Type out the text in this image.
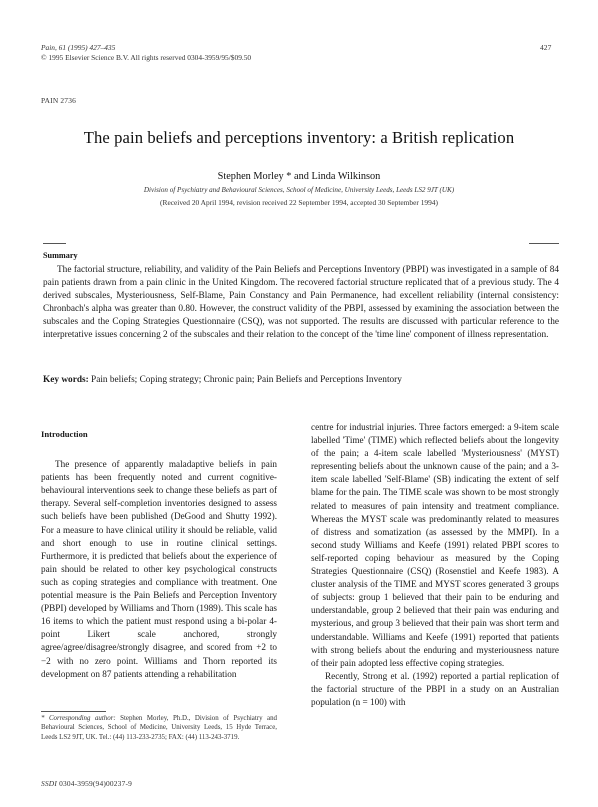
Pain, 61 (1995) 427–435
© 1995 Elsevier Science B.V. All rights reserved 0304-3959/95/$09.50
427
PAIN 2736
The pain beliefs and perceptions inventory: a British replication
Stephen Morley * and Linda Wilkinson
Division of Psychiatry and Behavioural Sciences, School of Medicine, University Leeds, Leeds LS2 9JT (UK)
(Received 20 April 1994, revision received 22 September 1994, accepted 30 September 1994)
Summary
The factorial structure, reliability, and validity of the Pain Beliefs and Perceptions Inventory (PBPI) was investigated in a sample of 84 pain patients drawn from a pain clinic in the United Kingdom. The recovered factorial structure replicated that of a previous study. The 4 derived subscales, Mysteriousness, Self-Blame, Pain Constancy and Pain Permanence, had excellent reliability (internal consistency: Chronbach's alpha was greater than 0.80. However, the construct validity of the PBPI, assessed by examining the association between the subscales and the Coping Strategies Questionnaire (CSQ), was not supported. The results are discussed with particular reference to the interpretative issues concerning 2 of the subscales and their relation to the concept of the 'time line' component of illness representation.
Key words: Pain beliefs; Coping strategy; Chronic pain; Pain Beliefs and Perceptions Inventory
Introduction

The presence of apparently maladaptive beliefs in pain patients has been frequently noted and current cognitive-behavioural interventions seek to change these beliefs as part of therapy. Several self-completion inventories designed to assess such beliefs have been published (DeGood and Shutty 1992). For a measure to have clinical utility it should be reliable, valid and short enough to use in routine clinical settings. Furthermore, it is predicted that beliefs about the experience of pain should be related to other key psychological constructs such as coping strategies and compliance with treatment. One potential measure is the Pain Beliefs and Perception Inventory (PBPI) developed by Williams and Thorn (1989). This scale has 16 items to which the patient must respond using a bi-polar 4-point Likert scale anchored, strongly agree/agree/disagree/strongly disagree, and scored from +2 to −2 with no zero point. Williams and Thorn reported its development on 87 patients attending a rehabilitation

centre for industrial injuries. Three factors emerged: a 9-item scale labelled 'Time' (TIME) which reflected beliefs about the longevity of the pain; a 4-item scale labelled 'Mysteriousness' (MYST) representing beliefs about the unknown cause of the pain; and a 3-item scale labelled 'Self-Blame' (SB) indicating the extent of self blame for the pain. The TIME scale was shown to be most strongly related to measures of pain intensity and treatment compliance. Whereas the MYST scale was predominantly related to measures of distress and somatization (as assessed by the MMPI). In a second study Williams and Keefe (1991) related PBPI scores to self-reported coping behaviour as measured by the Coping Strategies Questionnaire (CSQ) (Rosenstiel and Keefe 1983). A cluster analysis of the TIME and MYST scores generated 3 groups of subjects: group 1 believed that their pain to be enduring and understandable, group 2 believed that their pain was enduring and mysterious, and group 3 believed that their pain was short term and understandable. Williams and Keefe (1991) reported that patients with strong beliefs about the enduring and mysteriousness nature of their pain adopted less effective coping strategies.

Recently, Strong et al. (1992) reported a partial replication of the factorial structure of the PBPI in a study on an Australian population (n = 100) with

* Corresponding author: Stephen Morley, Ph.D., Division of Psychiatry and Behavioural Sciences, School of Medicine, University Leeds, 15 Hyde Terrace, Leeds LS2 9JT, UK. Tel.: (44) 113-233-2735; FAX: (44) 113-243-3719.
SSDI 0304-3959(94)00237-9
